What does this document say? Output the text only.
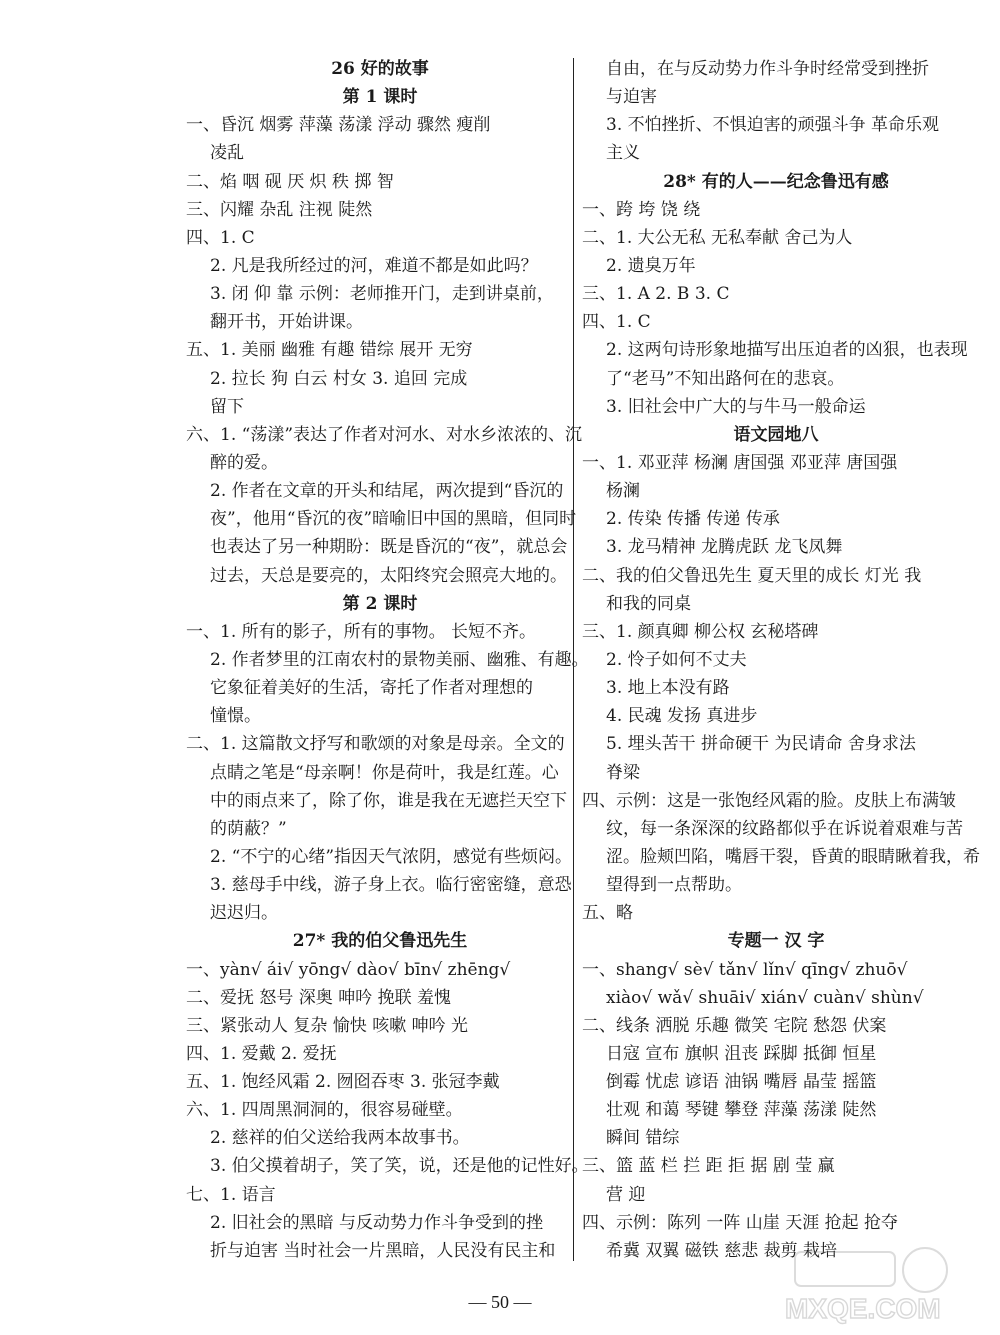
26 好的故事
第 1 课时
一、昏沉 烟雾 萍藻 荡漾 浮动 骤然 瘦削
凌乱
二、焰 咽 砚 厌 炽 秩 掷 智
三、闪耀 杂乱 注视 陡然
四、1. C
2. 凡是我所经过的河，难道不都是如此吗？
3. 闭 仰 靠 示例：老师推开门，走到讲桌前，
翻开书，开始讲课。
五、1. 美丽 幽雅 有趣 错综 展开 无穷
2. 拉长 狗 白云 村女 3. 追回 完成
留下
六、1. “荡漾”表达了作者对河水、对水乡浓浓的、沉
醉的爱。
2. 作者在文章的开头和结尾，两次提到“昏沉的
夜”，他用“昏沉的夜”暗喻旧中国的黑暗，但同时
也表达了另一种期盼：既是昏沉的“夜”，就总会
过去，天总是要亮的，太阳终究会照亮大地的。
第 2 课时
一、1. 所有的影子，所有的事物。 长短不齐。
2. 作者梦里的江南农村的景物美丽、幽雅、有趣。
它象征着美好的生活，寄托了作者对理想的
憧憬。
二、1. 这篇散文抒写和歌颂的对象是母亲。全文的
点睛之笔是“母亲啊！你是荷叶，我是红莲。心
中的雨点来了，除了你，谁是我在无遮拦天空下
的荫蔽？”
2. “不宁的心绪”指因天气浓阴，感觉有些烦闷。
3. 慈母手中线，游子身上衣。临行密密缝，意恐
迟迟归。
27* 我的伯父鲁迅先生
一、yàn√ ái√ yōng√ dào√ bīn√ zhēng√
二、爱抚 怒号 深奥 呻吟 挽联 羞愧
三、紧张动人 复杂 愉快 咳嗽 呻吟 光
四、1. 爱戴 2. 爱抚
五、1. 饱经风霜 2. 囫囵吞枣 3. 张冠李戴
六、1. 四周黑洞洞的，很容易碰壁。
2. 慈祥的伯父送给我两本故事书。
3. 伯父摸着胡子，笑了笑，说，还是他的记性好。
七、1. 语言
2. 旧社会的黑暗 与反动势力作斗争受到的挫
折与迫害 当时社会一片黑暗，人民没有民主和
自由，在与反动势力作斗争时经常受到挫折
与迫害
3. 不怕挫折、不惧迫害的顽强斗争 革命乐观
主义
28* 有的人——纪念鲁迅有感
一、跨 垮 饶 绕
二、1. 大公无私 无私奉献 舍己为人
2. 遗臭万年
三、1. A 2. B 3. C
四、1. C
2. 这两句诗形象地描写出压迫者的凶狠，也表现
了“老马”不知出路何在的悲哀。
3. 旧社会中广大的与牛马一般命运
语文园地八
一、1. 邓亚萍 杨澜 唐国强 邓亚萍 唐国强
杨澜
2. 传染 传播 传递 传承
3. 龙马精神 龙腾虎跃 龙飞凤舞
二、我的伯父鲁迅先生 夏天里的成长 灯光 我
和我的同桌
三、1. 颜真卿 柳公权 玄秘塔碑
2. 怜子如何不丈夫
3. 地上本没有路
4. 民魂 发扬 真进步
5. 埋头苦干 拼命硬干 为民请命 舍身求法
脊梁
四、示例：这是一张饱经风霜的脸。皮肤上布满皱
纹，每一条深深的纹路都似乎在诉说着艰难与苦
涩。脸颊凹陷，嘴唇干裂，昏黄的眼睛瞅着我，希
望得到一点帮助。
五、略
专题一 汉 字
一、shang√ sè√ tǎn√ lǐn√ qīng√ zhuō√
xiào√ wǎ√ shuāi√ xián√ cuàn√ shùn√
二、线条 洒脱 乐趣 微笑 宅院 愁怨 伏案
日寇 宣布 旗帜 沮丧 踩脚 抵御 恒星
倒霉 忧虑 谚语 油锅 嘴唇 晶莹 摇篮
壮观 和蔼 琴键 攀登 萍藻 荡漾 陡然
瞬间 错综
三、篮 蓝 栏 拦 距 拒 据 剧 莹 赢
营 迎
四、示例：陈列 一阵 山崖 天涯 抢起 抢夺
希冀 双翼 磁铁 慈悲 裁剪 栽培
— 50 —	MXQE.COM
